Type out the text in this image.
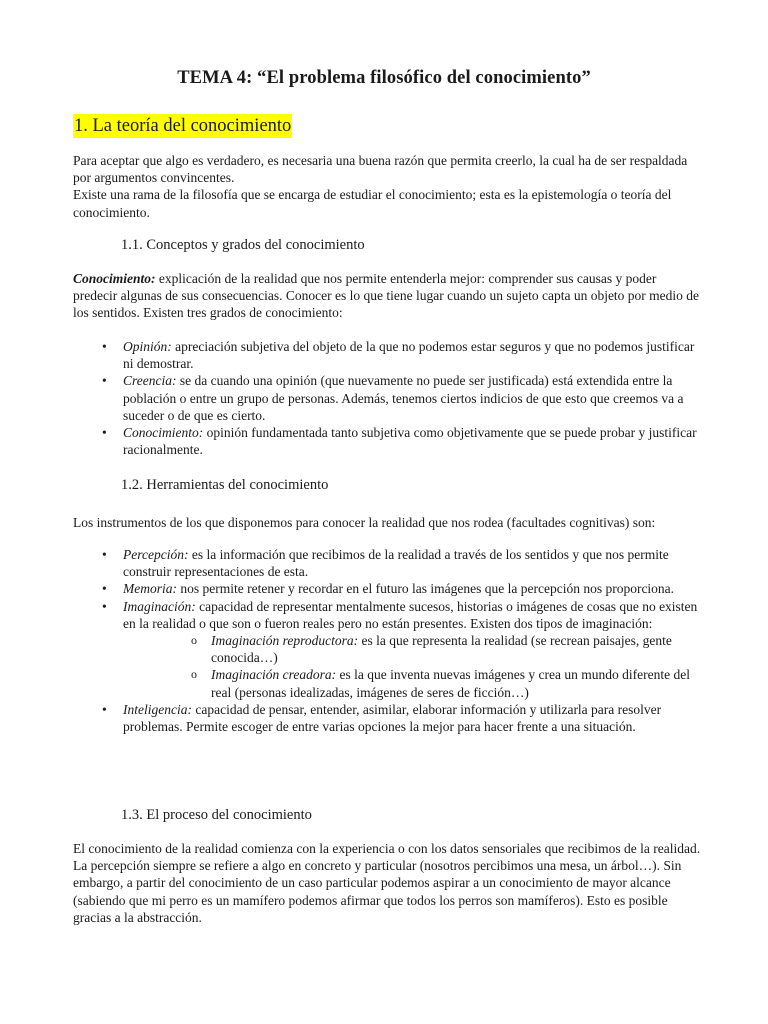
TEMA 4: “El problema filosófico del conocimiento”
1. La teoría del conocimiento

Para aceptar que algo es verdadero, es necesaria una buena razón que permita creerlo, la cual ha de ser respaldada por argumentos convincentes.

Existe una rama de la filosofía que se encarga de estudiar el conocimiento; esta es la epistemología o teoría del conocimiento.

1.1. Conceptos y grados del conocimiento

Conocimiento: explicación de la realidad que nos permite entenderla mejor: comprender sus causas y poder predecir algunas de sus consecuencias. Conocer es lo que tiene lugar cuando un sujeto capta un objeto por medio de los sentidos. Existen tres grados de conocimiento:

• Opinión: apreciación subjetiva del objeto de la que no podemos estar seguros y que no podemos justificar ni demostrar.
• Creencia: se da cuando una opinión (que nuevamente no puede ser justificada) está extendida entre la población o entre un grupo de personas. Además, tenemos ciertos indicios de que esto que creemos va a suceder o de que es cierto.
• Conocimiento: opinión fundamentada tanto subjetiva como objetivamente que se puede probar y justificar racionalmente.
1.2. Herramientas del conocimiento

Los instrumentos de los que disponemos para conocer la realidad que nos rodea (facultades cognitivas) son:

• Percepción: es la información que recibimos de la realidad a través de los sentidos y que nos permite construir representaciones de esta.
• Memoria: nos permite retener y recordar en el futuro las imágenes que la percepción nos proporciona.
• Imaginación: capacidad de representar mentalmente sucesos, historias o imágenes de cosas que no existen en la realidad o que son o fueron reales pero no están presentes. Existen dos tipos de imaginación:
o Imaginación reproductora: es la que representa la realidad (se recrean paisajes, gente conocida…)
o Imaginación creadora: es la que inventa nuevas imágenes y crea un mundo diferente del real (personas idealizadas, imágenes de seres de ficción…)
• Inteligencia: capacidad de pensar, entender, asimilar, elaborar información y utilizarla para resolver problemas. Permite escoger de entre varias opciones la mejor para hacer frente a una situación.
1.3. El proceso del conocimiento

El conocimiento de la realidad comienza con la experiencia o con los datos sensoriales que recibimos de la realidad.

La percepción siempre se refiere a algo en concreto y particular (nosotros percibimos una mesa, un árbol…). Sin embargo, a partir del conocimiento de un caso particular podemos aspirar a un conocimiento de mayor alcance (sabiendo que mi perro es un mamífero podemos afirmar que todos los perros son mamíferos). Esto es posible gracias a la abstracción.
